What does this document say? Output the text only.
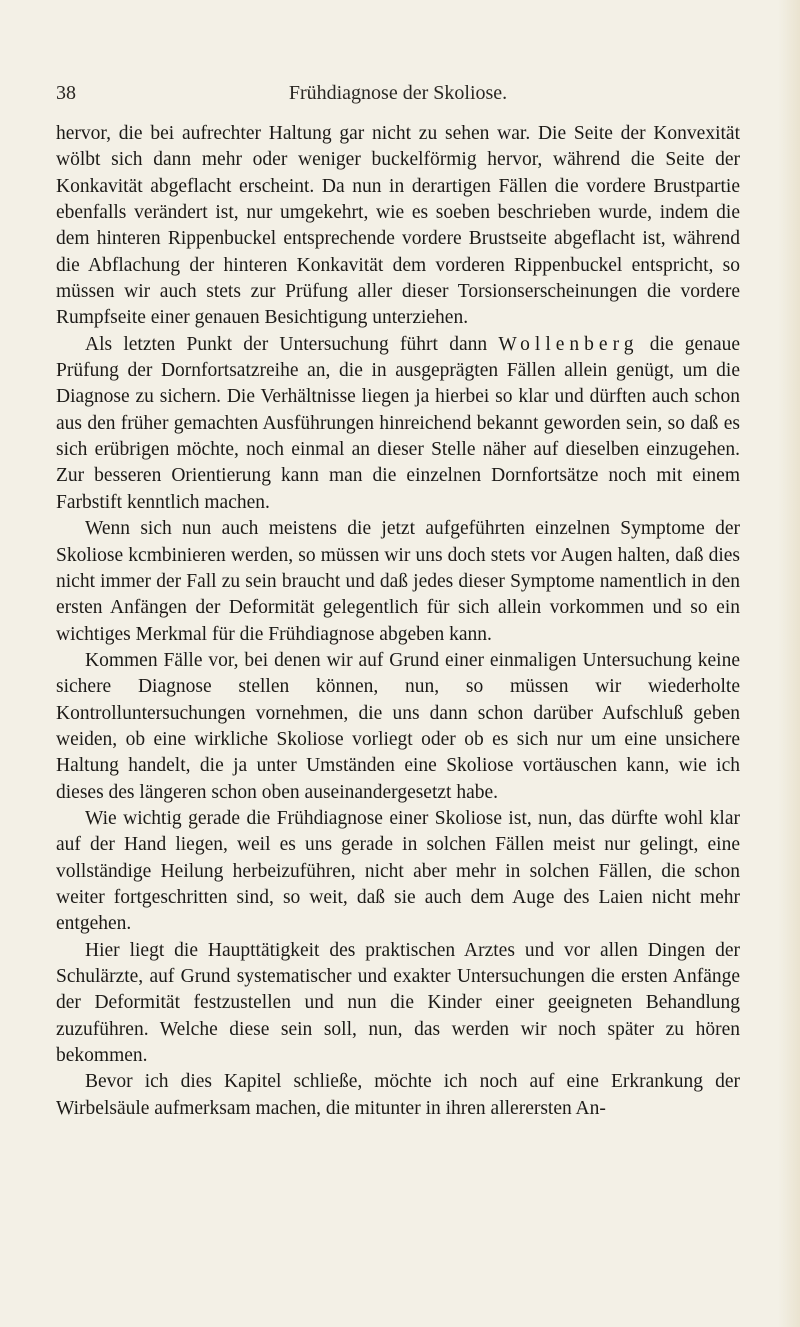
38	Frühdiagnose der Skoliose.

hervor, die bei aufrechter Haltung gar nicht zu sehen war. Die Seite der Konvexität wölbt sich dann mehr oder weniger buckelförmig hervor, während die Seite der Konkavität abgeflacht erscheint. Da nun in derartigen Fällen die vordere Brustpartie ebenfalls verändert ist, nur umgekehrt, wie es soeben beschrieben wurde, indem die dem hinteren Rippenbuckel entsprechende vordere Brustseite abgeflacht ist, während die Abflachung der hinteren Konkavität dem vorderen Rippenbuckel entspricht, so müssen wir auch stets zur Prüfung aller dieser Torsionserscheinungen die vordere Rumpfseite einer genauen Besichtigung unterziehen.

Als letzten Punkt der Untersuchung führt dann Wollenberg die genaue Prüfung der Dornfortsatzreihe an, die in ausgeprägten Fällen allein genügt, um die Diagnose zu sichern. Die Verhältnisse liegen ja hierbei so klar und dürften auch schon aus den früher gemachten Ausführungen hinreichend bekannt geworden sein, so daß es sich erübrigen möchte, noch einmal an dieser Stelle näher auf dieselben einzugehen. Zur besseren Orientierung kann man die einzelnen Dornfortsätze noch mit einem Farbstift kenntlich machen.

Wenn sich nun auch meistens die jetzt aufgeführten einzelnen Symptome der Skoliose kcmbinieren werden, so müssen wir uns doch stets vor Augen halten, daß dies nicht immer der Fall zu sein braucht und daß jedes dieser Symptome namentlich in den ersten Anfängen der Deformität gelegentlich für sich allein vorkommen und so ein wichtiges Merkmal für die Frühdiagnose abgeben kann.

Kommen Fälle vor, bei denen wir auf Grund einer einmaligen Untersuchung keine sichere Diagnose stellen können, nun, so müssen wir wiederholte Kontrolluntersuchungen vornehmen, die uns dann schon darüber Aufschluß geben weiden, ob eine wirkliche Skoliose vorliegt oder ob es sich nur um eine unsichere Haltung handelt, die ja unter Umständen eine Skoliose vortäuschen kann, wie ich dieses des längeren schon oben auseinandergesetzt habe.

Wie wichtig gerade die Frühdiagnose einer Skoliose ist, nun, das dürfte wohl klar auf der Hand liegen, weil es uns gerade in solchen Fällen meist nur gelingt, eine vollständige Heilung herbeizuführen, nicht aber mehr in solchen Fällen, die schon weiter fortgeschritten sind, so weit, daß sie auch dem Auge des Laien nicht mehr entgehen.

Hier liegt die Haupttätigkeit des praktischen Arztes und vor allen Dingen der Schulärzte, auf Grund systematischer und exakter Untersuchungen die ersten Anfänge der Deformität festzustellen und nun die Kinder einer geeigneten Behandlung zuzuführen. Welche diese sein soll, nun, das werden wir noch später zu hören bekommen.

Bevor ich dies Kapitel schließe, möchte ich noch auf eine Erkrankung der Wirbelsäule aufmerksam machen, die mitunter in ihren allerersten An-
